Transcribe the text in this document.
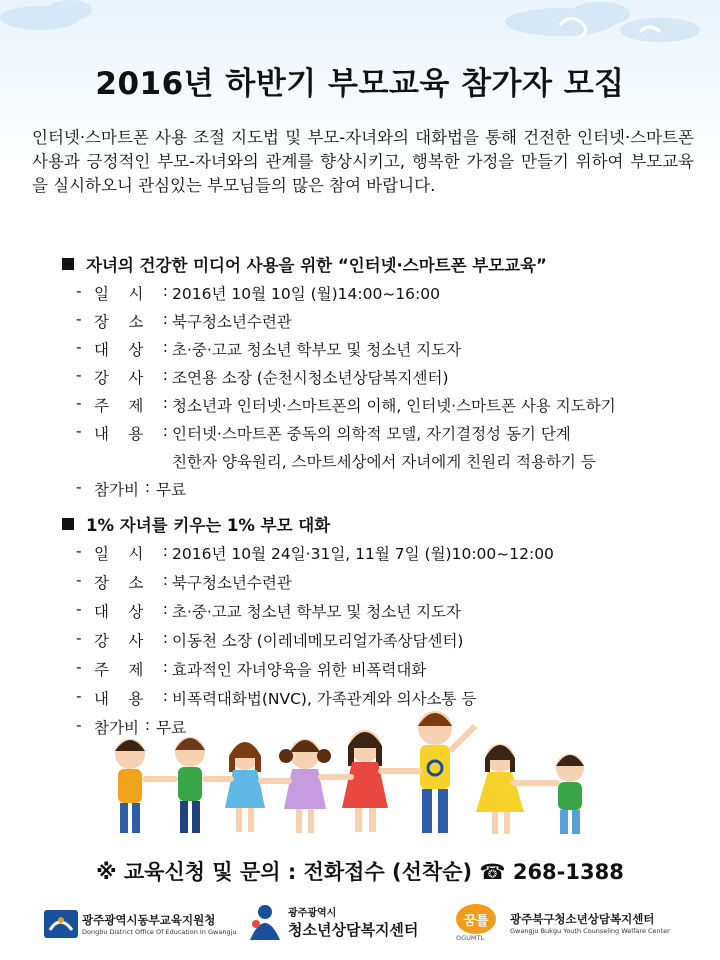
2016년 하반기 부모교육 참가자 모집
인터넷·스마트폰 사용 조절 지도법 및 부모-자녀와의 대화법을 통해 건전한 인터넷·스마트폰 사용과 긍정적인 부모-자녀와의 관계를 향상시키고, 행복한 가정을 만들기 위하여 부모교육을 실시하오니 관심있는 부모님들의 많은 참여 바랍니다.
자녀의 건강한 미디어 사용을 위한 “인터넷·스마트폰 부모교육”
- 일 시 : 2016년 10월 10일 (월)14:00~16:00
- 장 소 : 북구청소년수련관
- 대 상 : 초·중·고교 청소년 학부모 및 청소년 지도자
- 강 사 : 조연용 소장 (순천시청소년상담복지센터)
- 주 제 : 청소년과 인터넷·스마트폰의 이해, 인터넷·스마트폰 사용 지도하기
- 내 용 : 인터넷·스마트폰 중독의 의학적 모델, 자기결정성 동기 단계
친한자 양육원리, 스마트세상에서 자녀에게 친원리 적용하기 등
- 참가비 : 무료
1% 자녀를 키우는 1% 부모 대화
- 일 시 : 2016년 10월 24일·31일, 11월 7일 (월)10:00~12:00
- 장 소 : 북구청소년수련관
- 대 상 : 초·중·고교 청소년 학부모 및 청소년 지도자
- 강 사 : 이동천 소장 (이레네메모리얼가족상담센터)
- 주 제 : 효과적인 자녀양육을 위한 비폭력대화
- 내 용 : 비폭력대화법(NVC), 가족관계와 의사소통 등
- 참가비 : 무료
※ 교육신청 및 문의 : 전화접수 (선착순) ☎ 268-1388
광주광역시동부교육지원청
Dongbu District Office Of Education In Gwangju
광주광역시
청소년상담복지센터	꿈틀
OGUMTL
광주북구청소년상담복지센터
Gwangju Bukgu Youth Counseling Welfare Center
